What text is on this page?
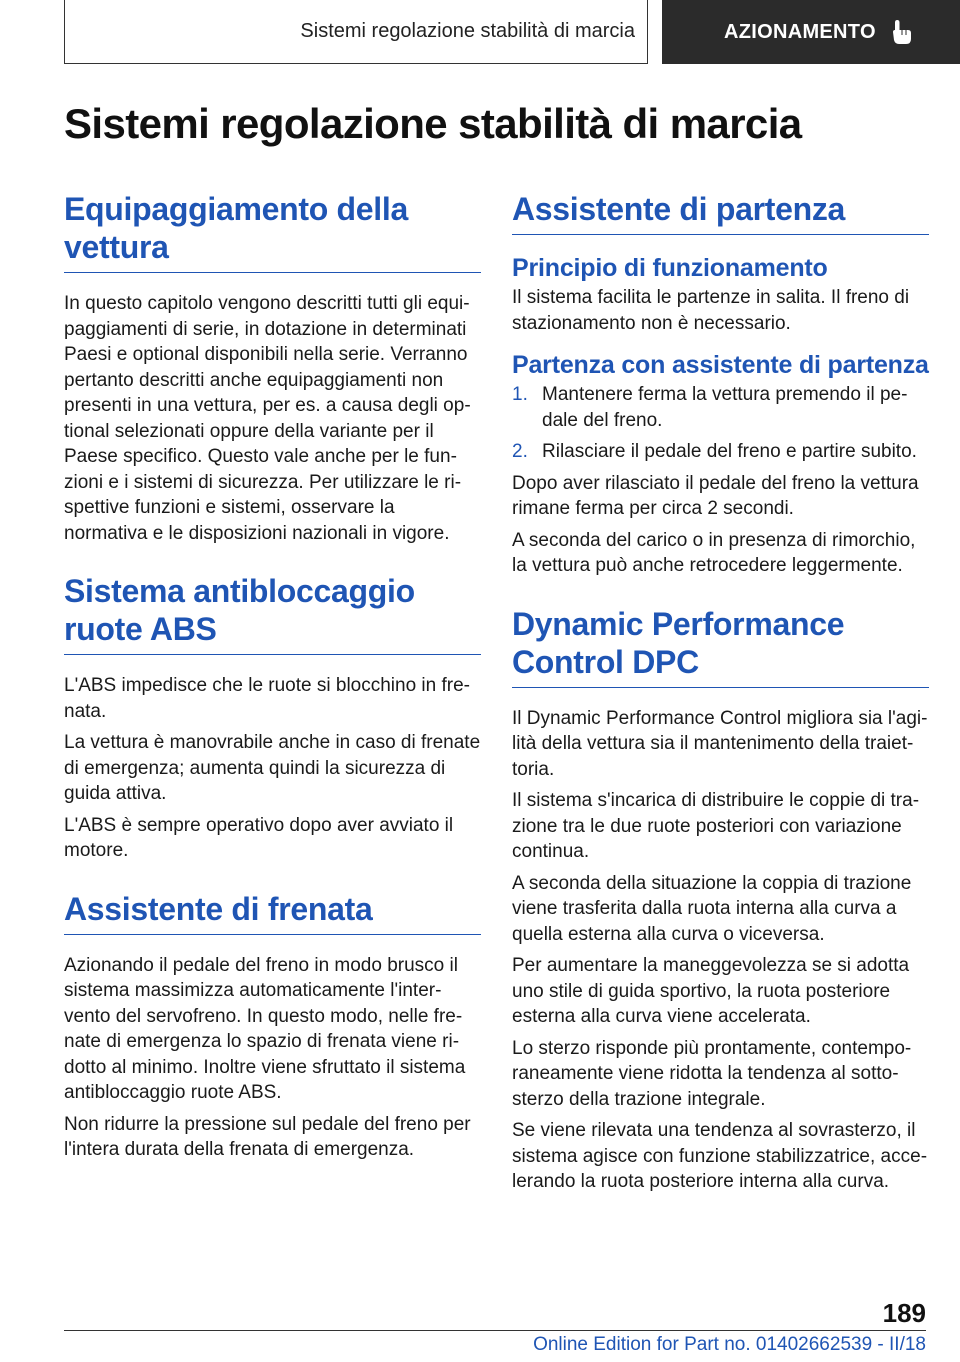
Sistemi regolazione stabilità di marcia	AZIONAMENTO
Sistemi regolazione stabilità di marcia
Equipaggiamento della vettura

In questo capitolo vengono descritti tutti gli equipaggiamenti di serie, in dotazione in determinati Paesi e optional disponibili nella serie. Verranno pertanto descritti anche equipaggiamenti non presenti in una vettura, per es. a causa degli optional selezionati oppure della variante per il Paese specifico. Questo vale anche per le funzioni e i sistemi di sicurezza. Per utilizzare le rispettive funzioni e sistemi, osservare la normativa e le disposizioni nazionali in vigore.

Sistema antibloccaggio ruote ABS

L'ABS impedisce che le ruote si blocchino in frenata.

La vettura è manovrabile anche in caso di frenate di emergenza; aumenta quindi la sicurezza di guida attiva.

L'ABS è sempre operativo dopo aver avviato il motore.

Assistente di frenata

Azionando il pedale del freno in modo brusco il sistema massimizza automaticamente l'intervento del servofreno. In questo modo, nelle frenate di emergenza lo spazio di frenata viene ridotto al minimo. Inoltre viene sfruttato il sistema antibloccaggio ruote ABS.

Non ridurre la pressione sul pedale del freno per l'intera durata della frenata di emergenza.

Assistente di partenza
Principio di funzionamento

Il sistema facilita le partenze in salita. Il freno di stazionamento non è necessario.

Partenza con assistente di partenza
1. Mantenere ferma la vettura premendo il pedale del freno.
2. Rilasciare il pedale del freno e partire subito.

Dopo aver rilasciato il pedale del freno la vettura rimane ferma per circa 2 secondi.

A seconda del carico o in presenza di rimorchio, la vettura può anche retrocedere leggermente.

Dynamic Performance Control DPC

Il Dynamic Performance Control migliora sia l'agilità della vettura sia il mantenimento della traiettoria.

Il sistema s'incarica di distribuire le coppie di trazione tra le due ruote posteriori con variazione continua.

A seconda della situazione la coppia di trazione viene trasferita dalla ruota interna alla curva a quella esterna alla curva o viceversa.

Per aumentare la maneggevolezza se si adotta uno stile di guida sportivo, la ruota posteriore esterna alla curva viene accelerata.

Lo sterzo risponde più prontamente, contemporaneamente viene ridotta la tendenza al sottosterzo della trazione integrale.

Se viene rilevata una tendenza al sovrasterzo, il sistema agisce con funzione stabilizzatrice, accelerando la ruota posteriore interna alla curva.

189
Online Edition for Part no. 01402662539 - II/18
